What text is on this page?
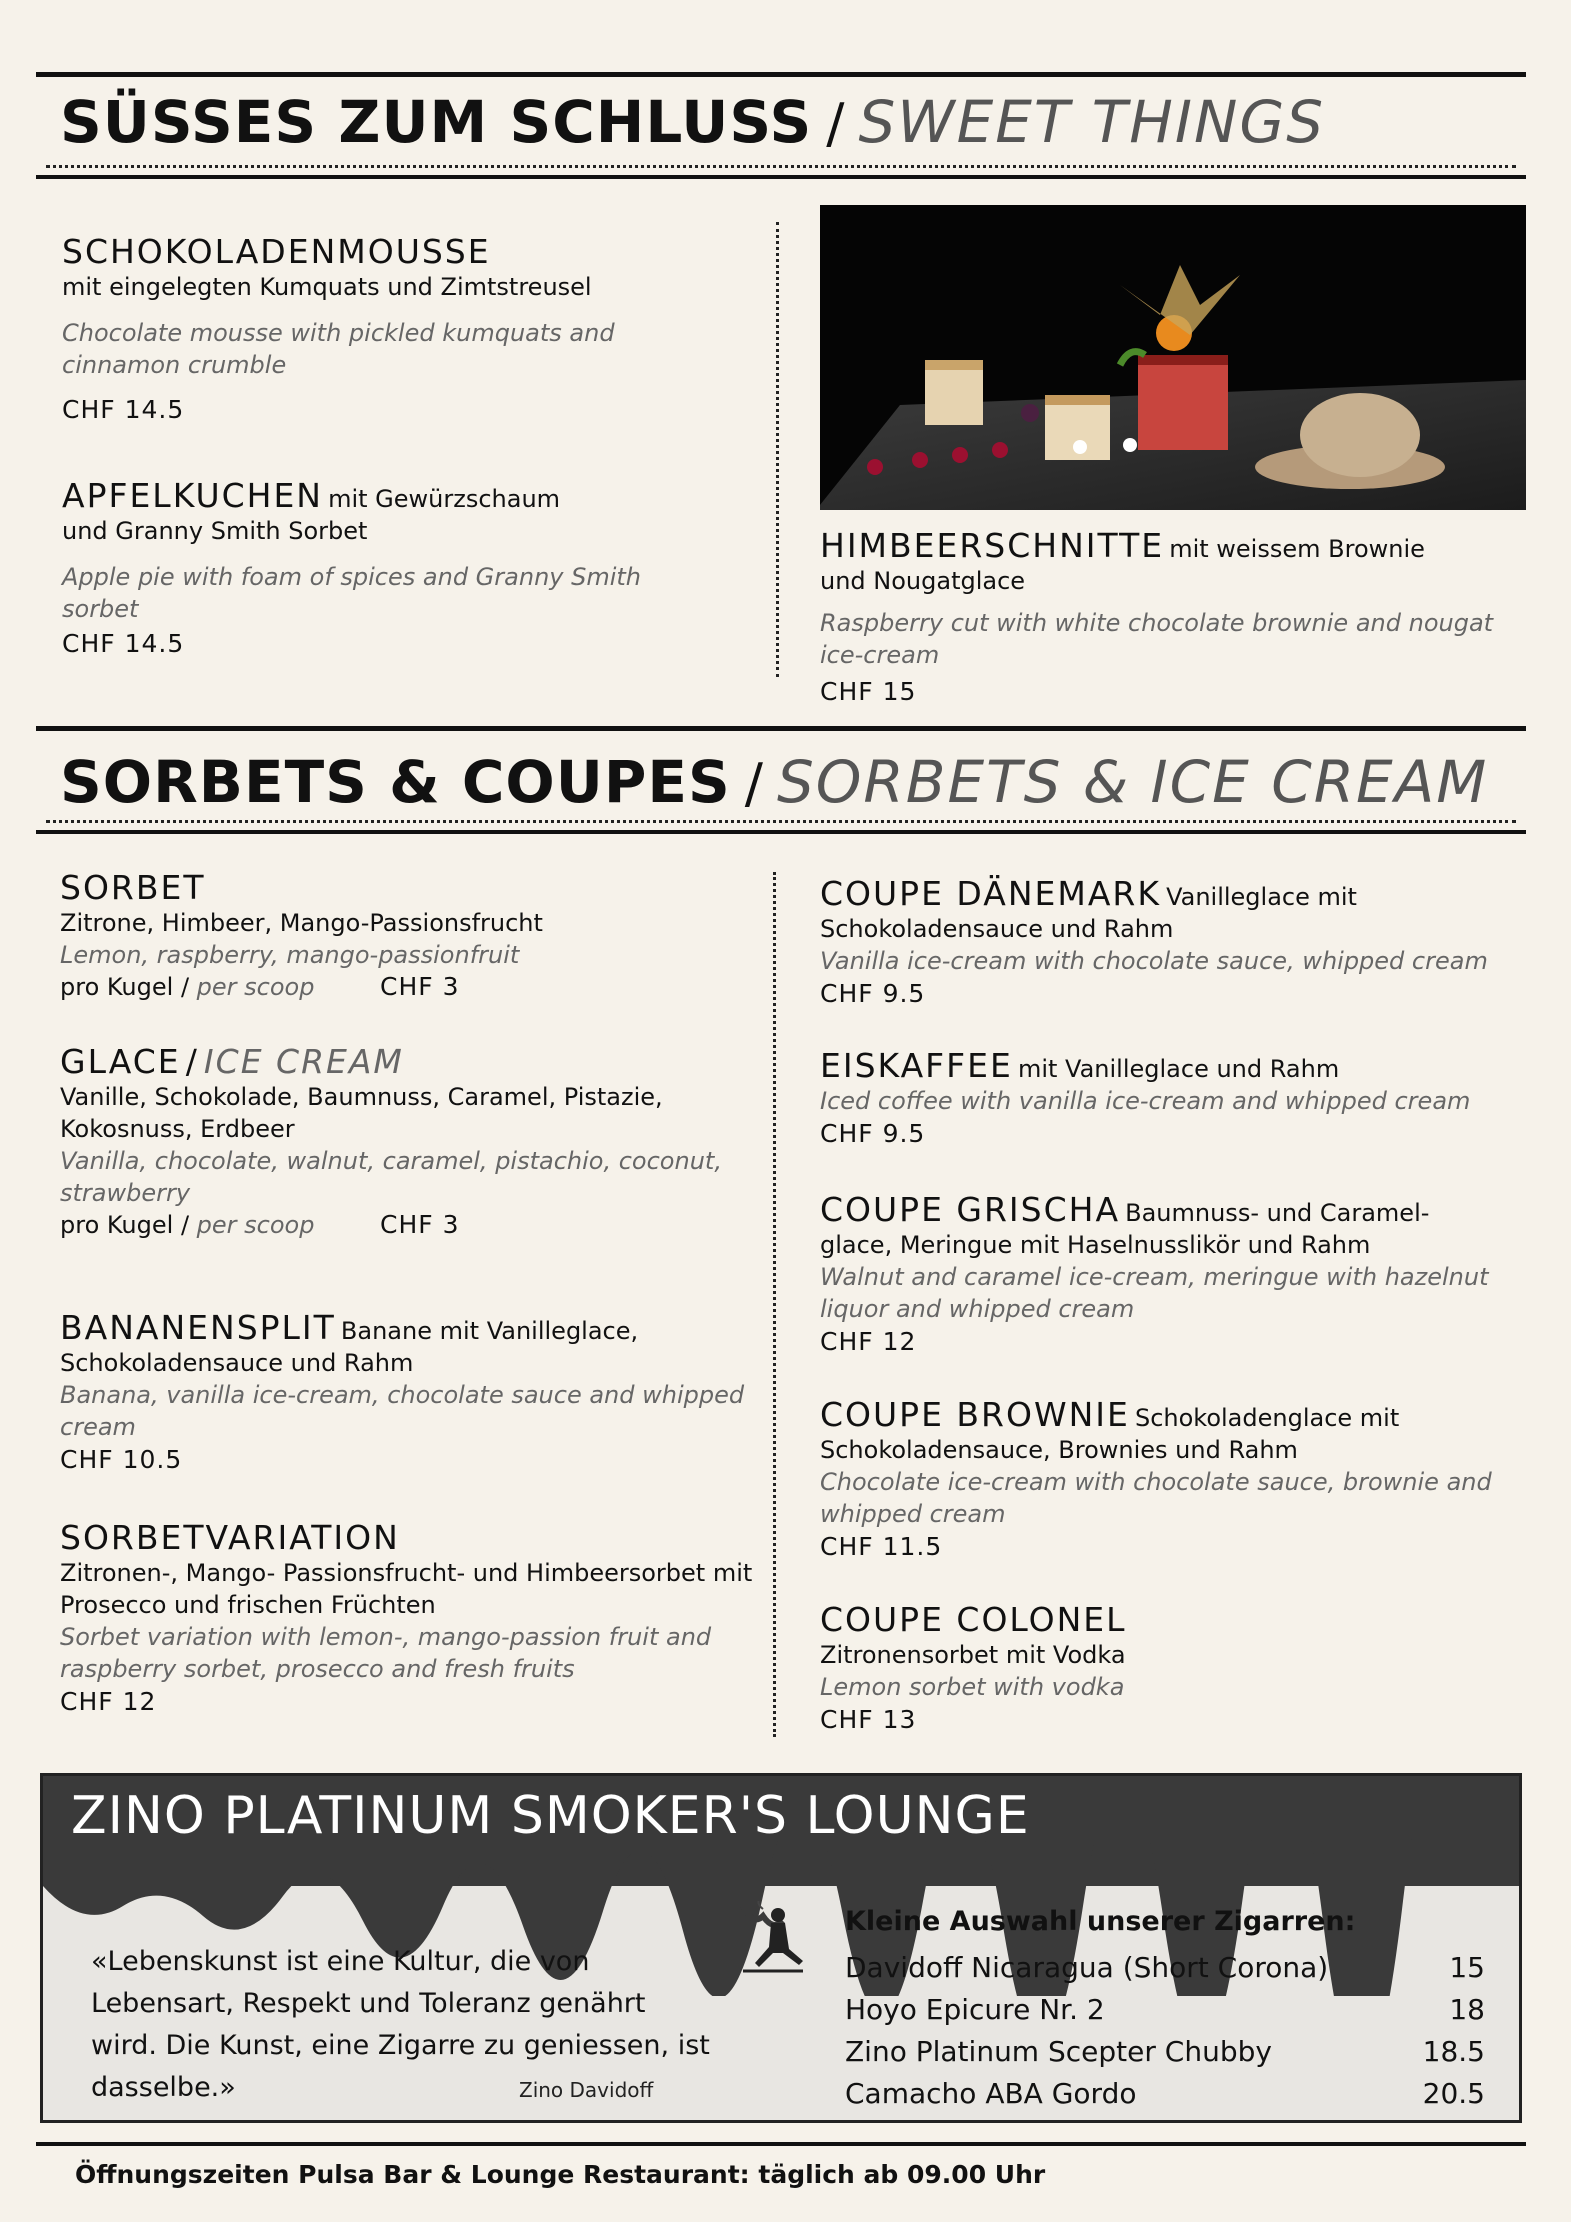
SÜSSES ZUM SCHLUSS / SWEET THINGS
SCHOKOLADENMOUSSE
mit eingelegten Kumquats und Zimtstreusel
Chocolate mousse with pickled kumquats and cinnamon crumble
CHF 14.5
APFELKUCHEN mit Gewürzschaum
und Granny Smith Sorbet
Apple pie with foam of spices and Granny Smith sorbet
CHF 14.5
HIMBEERSCHNITTE mit weissem Brownie
und Nougatglace
Raspberry cut with white chocolate brownie and nougat ice-cream
CHF 15
SORBETS & COUPES / SORBETS & ICE CREAM
SORBET
Zitrone, Himbeer, Mango-Passionsfrucht
Lemon, raspberry, mango-passionfruit
pro Kugel / per scoop	CHF 3
GLACE / ICE CREAM
Vanille, Schokolade, Baumnuss, Caramel, Pistazie, Kokosnuss, Erdbeer
Vanilla, chocolate, walnut, caramel, pistachio, coconut, strawberry
pro Kugel / per scoop	CHF 3
BANANENSPLIT Banane mit Vanilleglace,
Schokoladensauce und Rahm
Banana, vanilla ice-cream, chocolate sauce and whipped cream
CHF 10.5
SORBETVARIATION
Zitronen-, Mango- Passionsfrucht- und Himbeersorbet mit Prosecco und frischen Früchten
Sorbet variation with lemon-, mango-passion fruit and raspberry sorbet, prosecco and fresh fruits
CHF 12
COUPE DÄNEMARK Vanilleglace mit
Schokoladensauce und Rahm
Vanilla ice-cream with chocolate sauce, whipped cream
CHF 9.5
EISKAFFEE mit Vanilleglace und Rahm
Iced coffee with vanilla ice-cream and whipped cream
CHF 9.5
COUPE GRISCHA Baumnuss- und Caramel-
glace, Meringue mit Haselnusslikör und Rahm
Walnut and caramel ice-cream, meringue with hazelnut liquor and whipped cream
CHF 12
COUPE BROWNIE Schokoladenglace mit
Schokoladensauce, Brownies und Rahm
Chocolate ice-cream with chocolate sauce, brownie and whipped cream
CHF 11.5
COUPE COLONEL
Zitronensorbet mit Vodka
Lemon sorbet with vodka
CHF 13
ZINO PLATINUM SMOKER'S LOUNGE
«Lebenskunst ist eine Kultur, die von Lebensart, Respekt und Toleranz genährt wird. Die Kunst, eine Zigarre zu geniessen, ist dasselbe.»	Zino Davidoff
Kleine Auswahl unserer Zigarren:
Davidoff Nicaragua (Short Corona)	15
Hoyo Epicure Nr. 2	18
Zino Platinum Scepter Chubby	18.5
Camacho ABA Gordo	20.5
Öffnungszeiten Pulsa Bar & Lounge Restaurant: täglich ab 09.00 Uhr
